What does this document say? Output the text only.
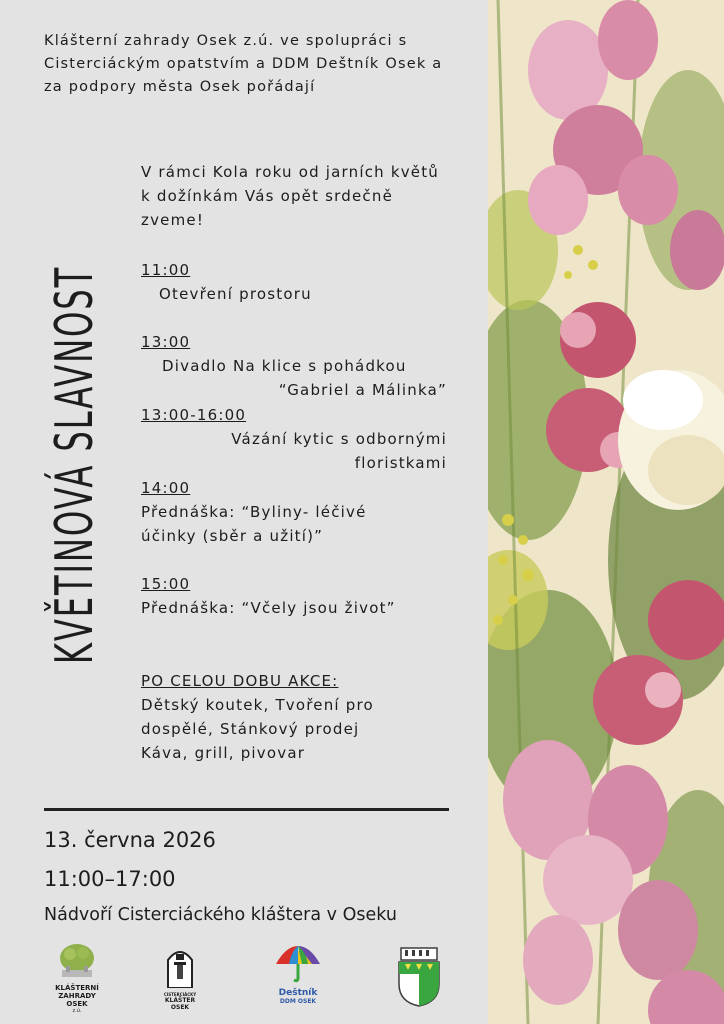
Klášterní zahrady Osek z.ú. ve spolupráci s Cisterciáckým opatstvím a DDM Deštník Osek a za podpory města Osek pořádají

KVĚTINOVÁ SLAVNOST

V rámci Kola roku od jarních květů k dožínkám Vás opět srdečně zveme!

11:00
Otevření prostoru
13:00
Divadlo Na klice s pohádkou
“Gabriel a Málinka”
13:00-16:00
Vázání kytic s odbornými
floristkami
14:00
Přednáška: “Byliny- léčivé
účinky (sběr a užití)”
15:00
Přednáška: “Včely jsou život”
PO CELOU DOBU AKCE:
Dětský koutek, Tvoření pro
dospělé, Stánkový prodej
Káva, grill, pivovar

13. června 2026

11:00–17:00

Nádvoří Cisterciáckého kláštera v Oseku

KLÁŠTERNÍ
ZAHRADY
OSEK
z.ú.
CISTERCIÁCKÝ
KLÁŠTER
OSEK
Deštník
DDM OSEK
